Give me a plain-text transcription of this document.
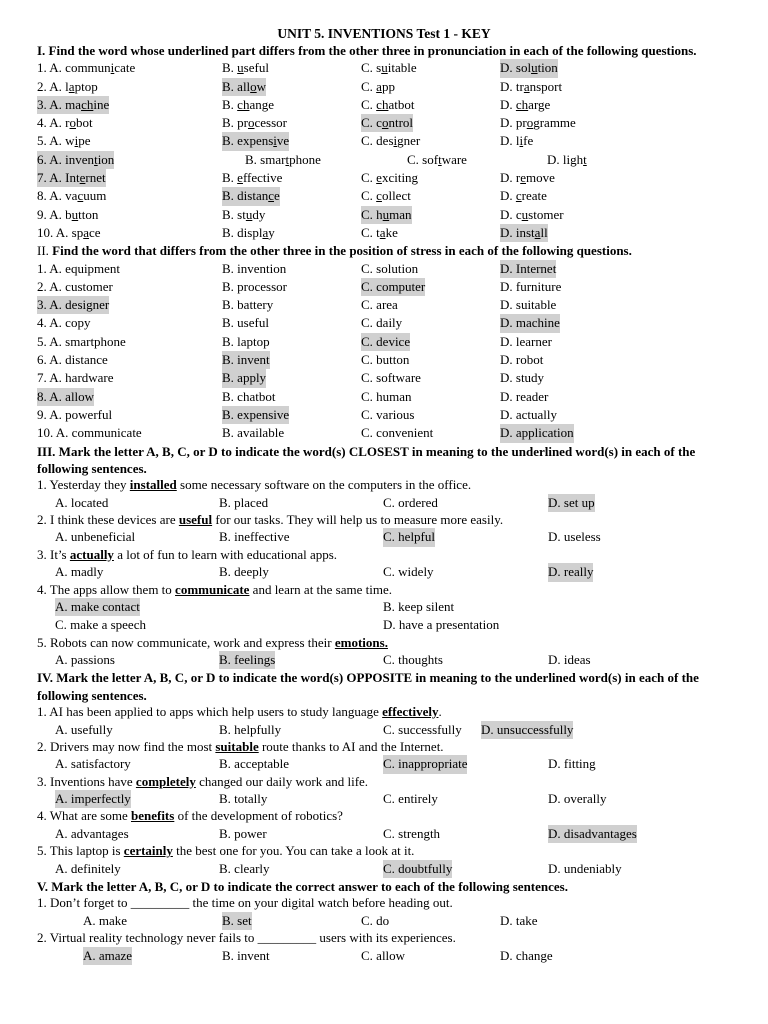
UNIT 5. INVENTIONS Test 1 - KEY
I. Find the word whose underlined part differs from the other three in pronunciation in each of the following questions.
1. A. communicate	B. useful	C. suitable	D. solution
2. A. laptop	B. allow	C. app	D. transport
3. A. machine	B. change	C. chatbot	D. charge
4. A. robot	B. processor	C. control	D. programme
5. A. wipe	B. expensive	C. designer	D. life
6. A. invention	B. smartphone	C. software	D. light
7. A. Internet	B. effective	C. exciting	D. remove
8. A. vacuum	B. distance	C. collect	D. create
9. A. button	B. study	C. human	D. customer
10. A. space	B. display	C. take	D. install
II. Find the word that differs from the other three in the position of stress in each of the following questions.
1. A. equipment	B. invention	C. solution	D. Internet
2. A. customer	B. processor	C. computer	D. furniture
3. A. designer	B. battery	C. area	D. suitable
4. A. copy	B. useful	C. daily	D. machine
5. A. smartphone	B. laptop	C. device	D. learner
6. A. distance	B. invent	C. button	D. robot
7. A. hardware	B. apply	C. software	D. study
8. A. allow	B. chatbot	C. human	D. reader
9. A. powerful	B. expensive	C. various	D. actually
10. A. communicate	B. available	C. convenient	D. application
III. Mark the letter A, B, C, or D to indicate the word(s) CLOSEST in meaning to the underlined word(s) in each of the following sentences.
1. Yesterday they installed some necessary software on the computers in the office.
A. located	B. placed	C. ordered	D. set up
2. I think these devices are useful for our tasks. They will help us to measure more easily.
A. unbeneficial	B. ineffective	C. helpful	D. useless
3. It’s actually a lot of fun to learn with educational apps.
A. madly	B. deeply	C. widely	D. really
4. The apps allow them to communicate and learn at the same time.
A. make contact	B. keep silent
C. make a speech	D. have a presentation
5. Robots can now communicate, work and express their emotions.
A. passions	B. feelings	C. thoughts	D. ideas
IV. Mark the letter A, B, C, or D to indicate the word(s) OPPOSITE in meaning to the underlined word(s) in each of the following sentences.
1. AI has been applied to apps which help users to study language effectively.
A. usefully	B. helpfully	C. successfully D. unsuccessfully
2. Drivers may now find the most suitable route thanks to AI and the Internet.
A. satisfactory	B. acceptable	C. inappropriate	D. fitting
3. Inventions have completely changed our daily work and life.
A. imperfectly	B. totally	C. entirely	D. overally
4. What are some benefits of the development of robotics?
A. advantages	B. power	C. strength	D. disadvantages
5. This laptop is certainly the best one for you. You can take a look at it.
A. definitely	B. clearly	C. doubtfully	D. undeniably
V. Mark the letter A, B, C, or D to indicate the correct answer to each of the following sentences.
1. Don’t forget to _________ the time on your digital watch before heading out.
A. make	B. set	C. do	D. take
2. Virtual reality technology never fails to _________ users with its experiences.
A. amaze	B. invent	C. allow	D. change
